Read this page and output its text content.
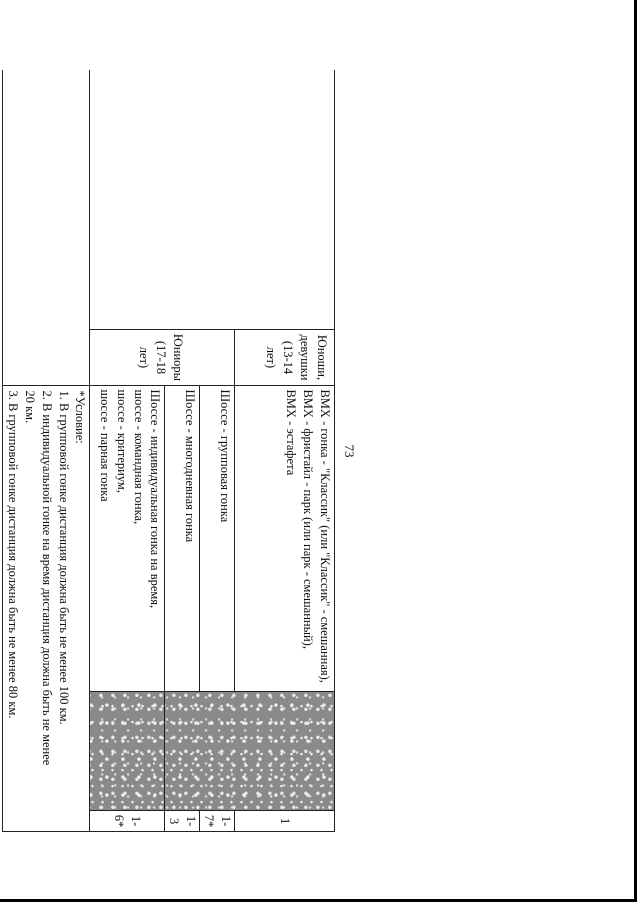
73

	Юноши,
девушки
(13-14 лет)	ВМХ - гонка - "Классик" (или "Классик" - смешанная),
ВМХ - фристайл - парк (или парк - смешанный),
ВМХ - эстафета		1

	Юниоры
(17-18 лет)	Шоссе - групповая гонка		1-7*
		Шоссе - многодневная гонка		1-3

		Шоссе - индивидуальная гонка на время,
шоссе - командная гонка,
шоссе - критериум,
шоссе - парная гонка		1-6*

		*Условие:
1. В групповой гонке дистанция должна быть не менее 100 км.
2. В индивидуальной гонке на время дистанция должна быть не менее
20 км.
3. В групповой гонке дистанция должна быть не менее 80 км.		
